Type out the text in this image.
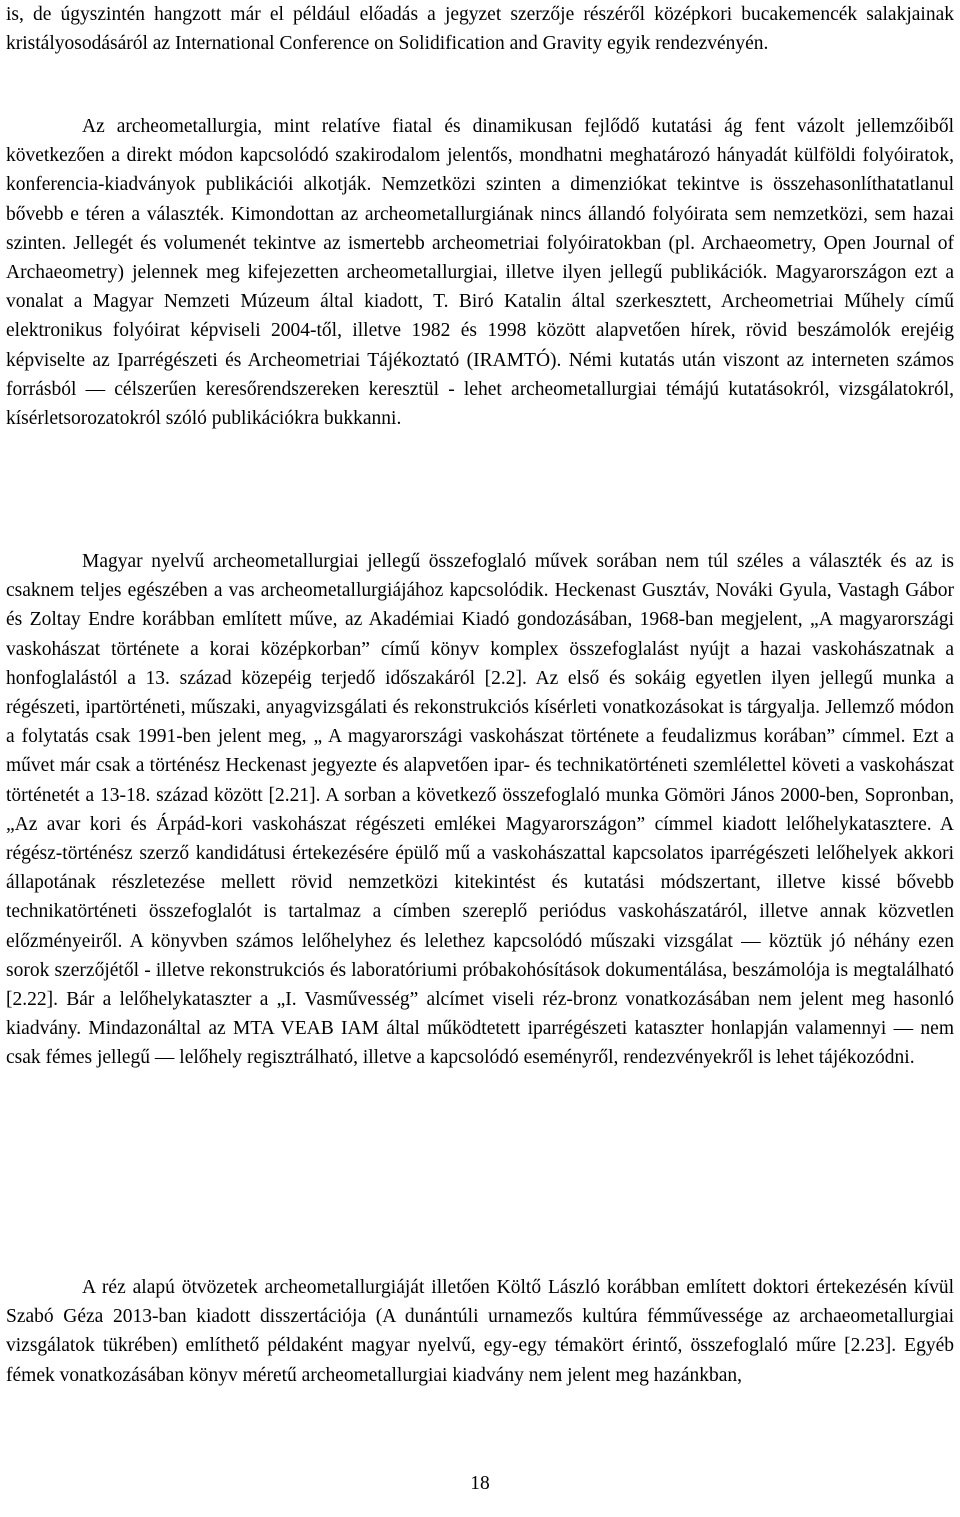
is, de úgyszintén hangzott már el például előadás a jegyzet szerzője részéről középkori bucakemencék salakjainak kristályosodásáról az International Conference on Solidification and Gravity egyik rendezvényén.

Az archeometallurgia, mint relatíve fiatal és dinamikusan fejlődő kutatási ág fent vázolt jellemzőiből következően a direkt módon kapcsolódó szakirodalom jelentős, mondhatni meghatározó hányadát külföldi folyóiratok, konferencia-kiadványok publikációi alkotják. Nemzetközi szinten a dimenziókat tekintve is összehasonlíthatatlanul bővebb e téren a választék. Kimondottan az archeometallurgiának nincs állandó folyóirata sem nemzetközi, sem hazai szinten. Jellegét és volumenét tekintve az ismertebb archeometriai folyóiratokban (pl. Archaeometry, Open Journal of Archaeometry) jelennek meg kifejezetten archeometallurgiai, illetve ilyen jellegű publikációk. Magyarországon ezt a vonalat a Magyar Nemzeti Múzeum által kiadott, T. Biró Katalin által szerkesztett, Archeometriai Műhely című elektronikus folyóirat képviseli 2004-től, illetve 1982 és 1998 között alapvetően hírek, rövid beszámolók erejéig képviselte az Iparrégészeti és Archeometriai Tájékoztató (IRAMTÓ). Némi kutatás után viszont az interneten számos forrásból — célszerűen keresőrendszereken keresztül - lehet archeometallurgiai témájú kutatásokról, vizsgálatokról, kísérletsorozatokról szóló publikációkra bukkanni.

Magyar nyelvű archeometallurgiai jellegű összefoglaló művek sorában nem túl széles a választék és az is csaknem teljes egészében a vas archeometallurgiájához kapcsolódik. Heckenast Gusztáv, Nováki Gyula, Vastagh Gábor és Zoltay Endre korábban említett műve, az Akadémiai Kiadó gondozásában, 1968-ban megjelent, „A magyarországi vaskohászat története a korai középkorban” című könyv komplex összefoglalást nyújt a hazai vaskohászatnak a honfoglalástól a 13. század közepéig terjedő időszakáról [2.2]. Az első és sokáig egyetlen ilyen jellegű munka a régészeti, ipartörténeti, műszaki, anyagvizsgálati és rekonstrukciós kísérleti vonatkozásokat is tárgyalja. Jellemző módon a folytatás csak 1991-ben jelent meg, „ A magyarországi vaskohászat története a feudalizmus korában” címmel. Ezt a művet már csak a történész Heckenast jegyezte és alapvetően ipar- és technikatörténeti szemlélettel követi a vaskohászat történetét a 13-18. század között [2.21]. A sorban a következő összefoglaló munka Gömöri János 2000-ben, Sopronban, „Az avar kori és Árpád-kori vaskohászat régészeti emlékei Magyarországon” címmel kiadott lelőhelykatasztere. A régész-történész szerző kandidátusi értekezésére épülő mű a vaskohászattal kapcsolatos iparrégészeti lelőhelyek akkori állapotának részletezése mellett rövid nemzetközi kitekintést és kutatási módszertant, illetve kissé bővebb technikatörténeti összefoglalót is tartalmaz a címben szereplő periódus vaskohászatáról, illetve annak közvetlen előzményeiről. A könyvben számos lelőhelyhez és lelethez kapcsolódó műszaki vizsgálat — köztük jó néhány ezen sorok szerzőjétől - illetve rekonstrukciós és laboratóriumi próbakohósítások dokumentálása, beszámolója is megtalálható [2.22]. Bár a lelőhelykataszter a „I. Vasművesség” alcímet viseli réz-bronz vonatkozásában nem jelent meg hasonló kiadvány. Mindazonáltal az MTA VEAB IAM által működtetett iparrégészeti kataszter honlapján valamennyi — nem csak fémes jellegű — lelőhely regisztrálható, illetve a kapcsolódó eseményről, rendezvényekről is lehet tájékozódni.

A réz alapú ötvözetek archeometallurgiáját illetően Költő László korábban említett doktori értekezésén kívül Szabó Géza 2013-ban kiadott disszertációja (A dunántúli urnamezős kultúra fémművessége az archaeometallurgiai vizsgálatok tükrében) említhető példaként magyar nyelvű, egy-egy témakört érintő, összefoglaló műre [2.23]. Egyéb fémek vonatkozásában könyv méretű archeometallurgiai kiadvány nem jelent meg hazánkban,

18
